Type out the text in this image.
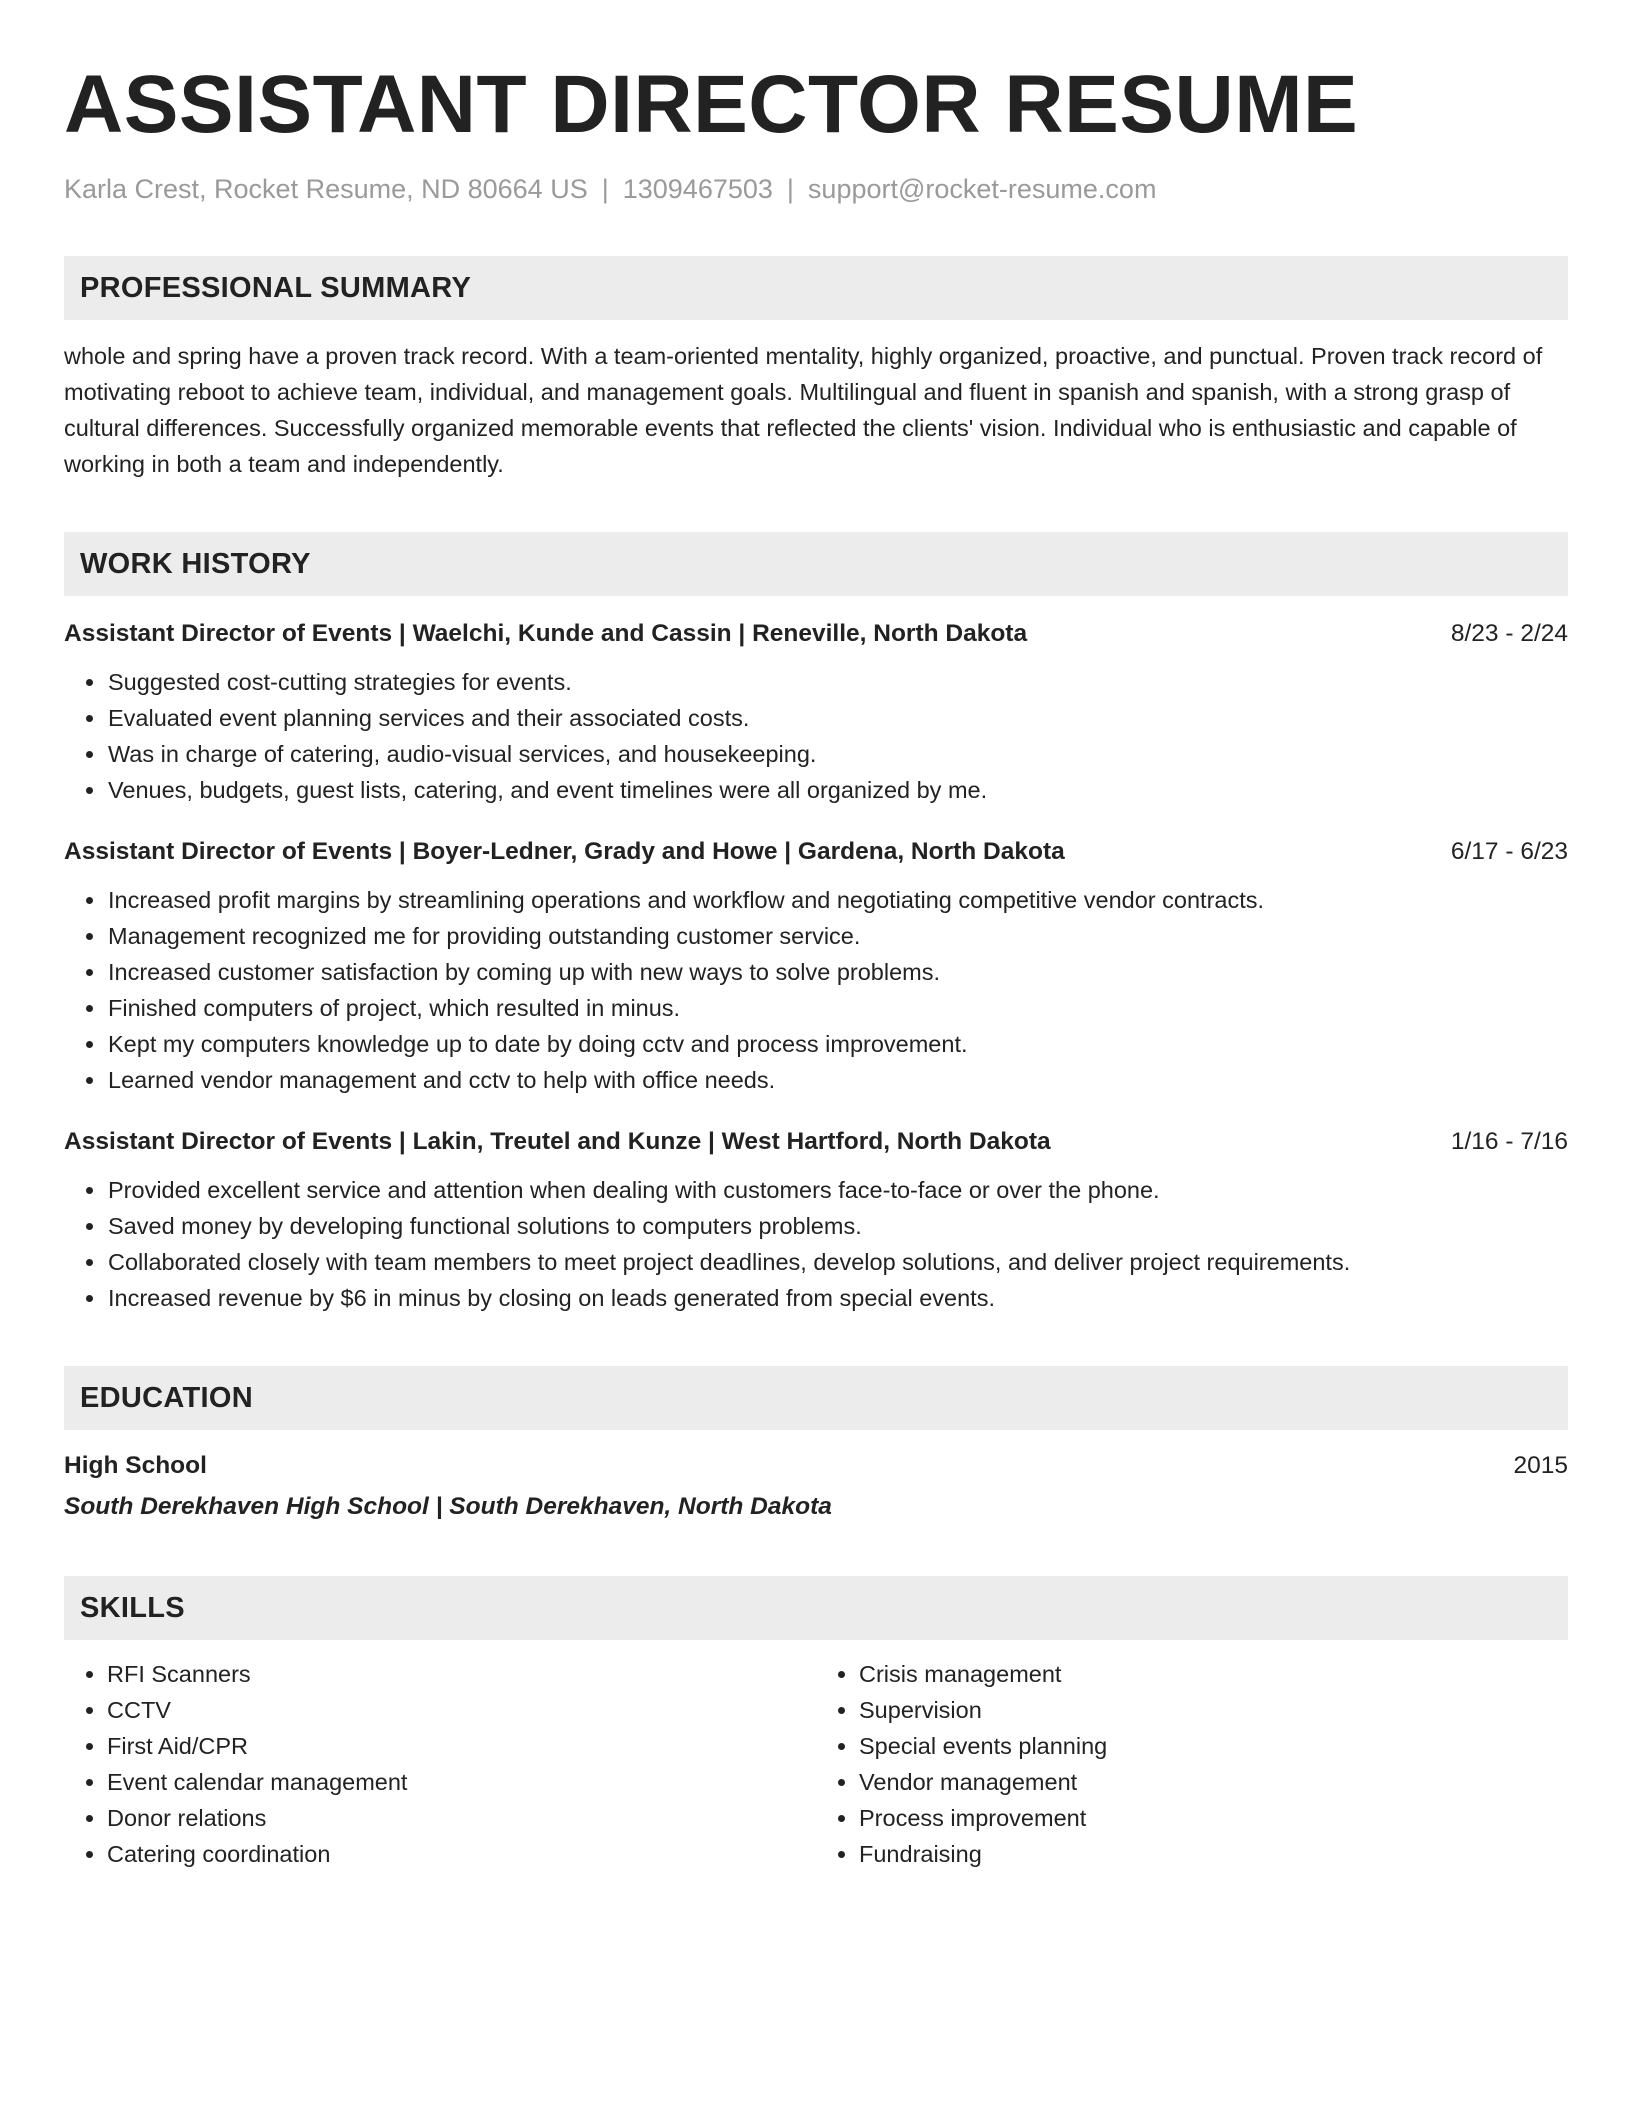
ASSISTANT DIRECTOR RESUME
Karla Crest, Rocket Resume, ND 80664 US | 1309467503 | support@rocket-resume.com
PROFESSIONAL SUMMARY

whole and spring have a proven track record. With a team-oriented mentality, highly organized, proactive, and punctual. Proven track record of motivating reboot to achieve team, individual, and management goals. Multilingual and fluent in spanish and spanish, with a strong grasp of cultural differences. Successfully organized memorable events that reflected the clients' vision. Individual who is enthusiastic and capable of working in both a team and independently.

WORK HISTORY
Assistant Director of Events | Waelchi, Kunde and Cassin | Reneville, North Dakota	8/23 - 2/24
• Suggested cost-cutting strategies for events.
• Evaluated event planning services and their associated costs.
• Was in charge of catering, audio-visual services, and housekeeping.
• Venues, budgets, guest lists, catering, and event timelines were all organized by me.
Assistant Director of Events | Boyer-Ledner, Grady and Howe | Gardena, North Dakota	6/17 - 6/23
• Increased profit margins by streamlining operations and workflow and negotiating competitive vendor contracts.
• Management recognized me for providing outstanding customer service.
• Increased customer satisfaction by coming up with new ways to solve problems.
• Finished computers of project, which resulted in minus.
• Kept my computers knowledge up to date by doing cctv and process improvement.
• Learned vendor management and cctv to help with office needs.
Assistant Director of Events | Lakin, Treutel and Kunze | West Hartford, North Dakota	1/16 - 7/16
• Provided excellent service and attention when dealing with customers face-to-face or over the phone.
• Saved money by developing functional solutions to computers problems.
• Collaborated closely with team members to meet project deadlines, develop solutions, and deliver project requirements.
• Increased revenue by $6 in minus by closing on leads generated from special events.
EDUCATION
High School	2015
South Derekhaven High School | South Derekhaven, North Dakota
SKILLS
• RFI Scanners
• CCTV
• First Aid/CPR
• Event calendar management
• Donor relations
• Catering coordination
• Crisis management
• Supervision
• Special events planning
• Vendor management
• Process improvement
• Fundraising
